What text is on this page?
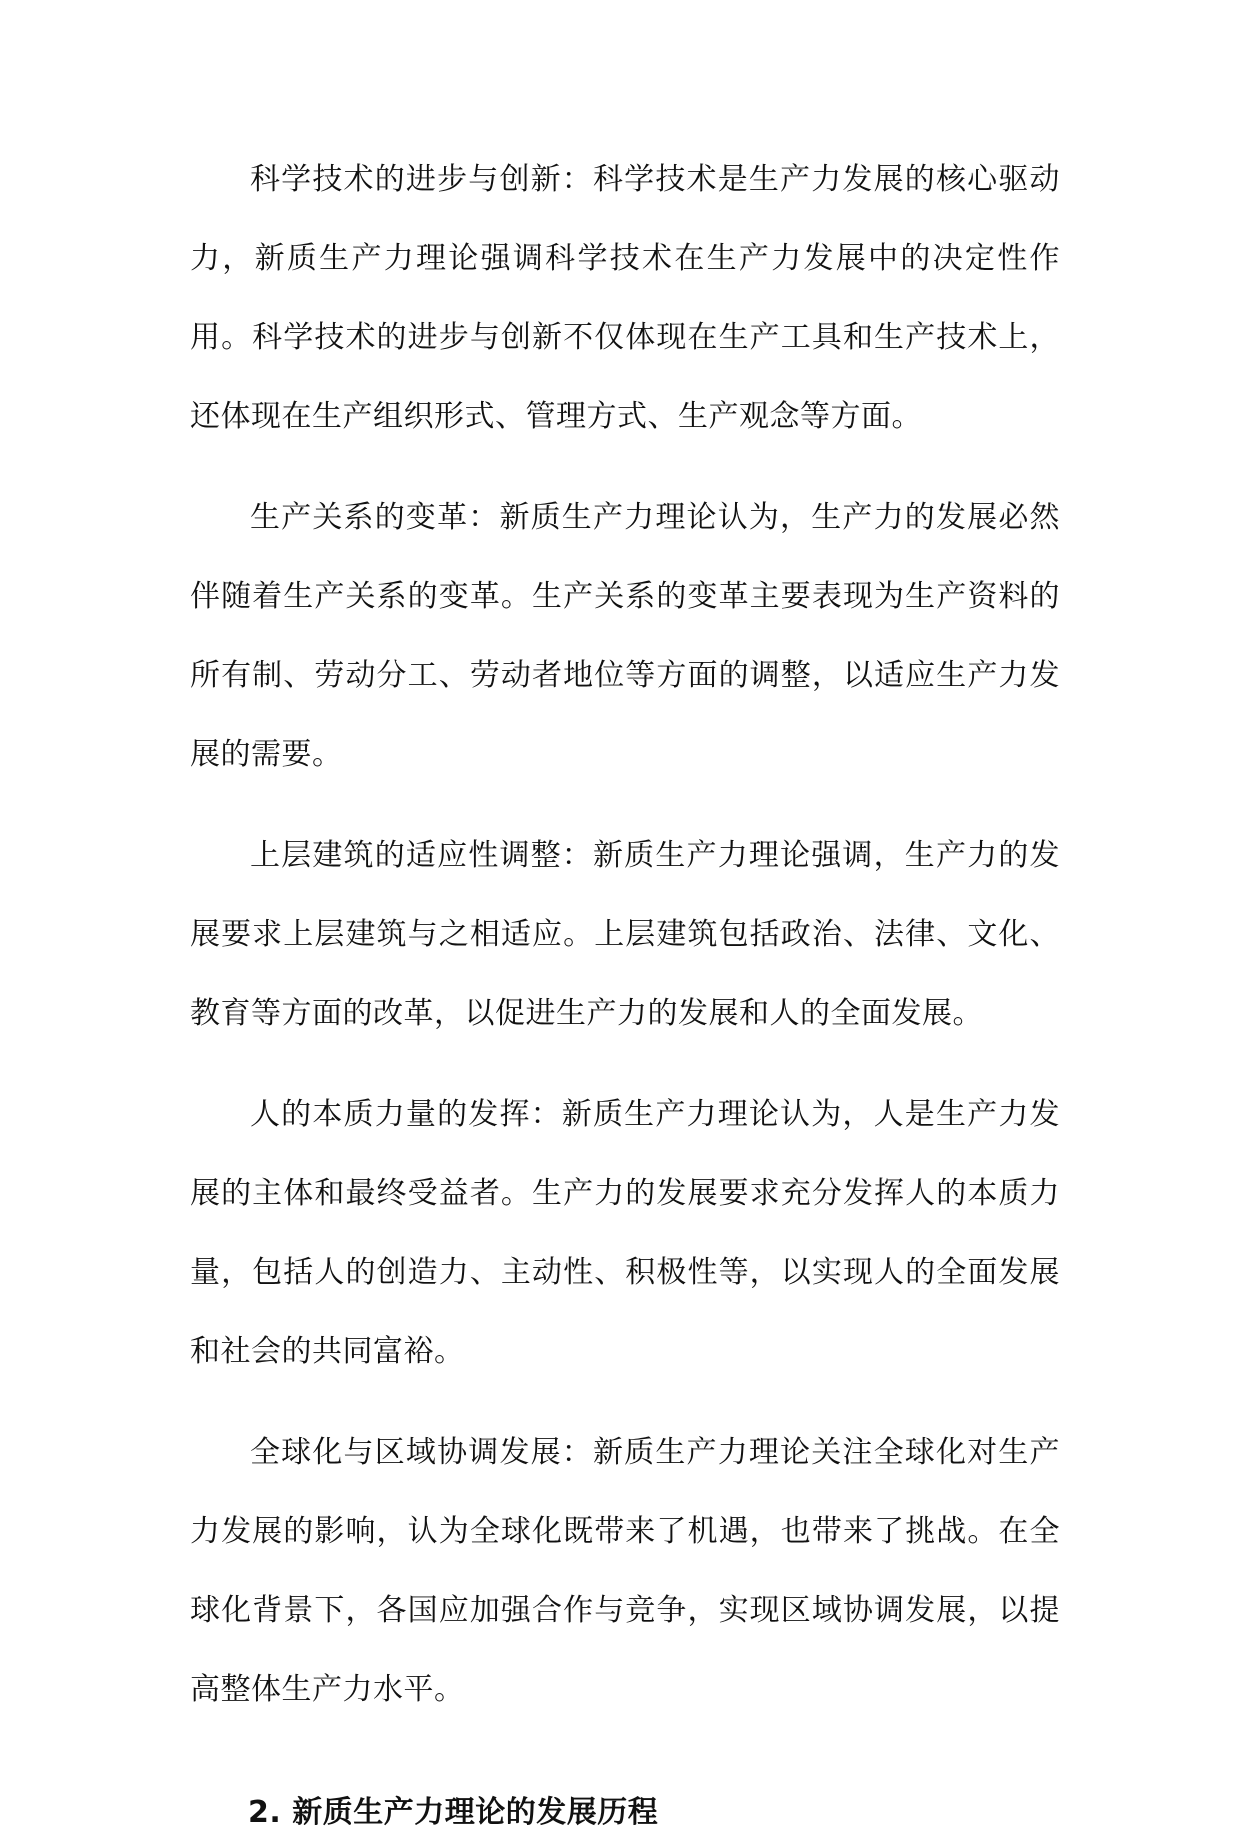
科学技术的进步与创新：科学技术是生产力发展的核心驱动力，新质生产力理论强调科学技术在生产力发展中的决定性作用。科学技术的进步与创新不仅体现在生产工具和生产技术上，还体现在生产组织形式、管理方式、生产观念等方面。

生产关系的变革：新质生产力理论认为，生产力的发展必然伴随着生产关系的变革。生产关系的变革主要表现为生产资料的所有制、劳动分工、劳动者地位等方面的调整，以适应生产力发展的需要。

上层建筑的适应性调整：新质生产力理论强调，生产力的发展要求上层建筑与之相适应。上层建筑包括政治、法律、文化、教育等方面的改革，以促进生产力的发展和人的全面发展。

人的本质力量的发挥：新质生产力理论认为，人是生产力发展的主体和最终受益者。生产力的发展要求充分发挥人的本质力量，包括人的创造力、主动性、积极性等，以实现人的全面发展和社会的共同富裕。

全球化与区域协调发展：新质生产力理论关注全球化对生产力发展的影响，认为全球化既带来了机遇，也带来了挑战。在全球化背景下，各国应加强合作与竞争，实现区域协调发展，以提高整体生产力水平。

2. 新质生产力理论的发展历程
